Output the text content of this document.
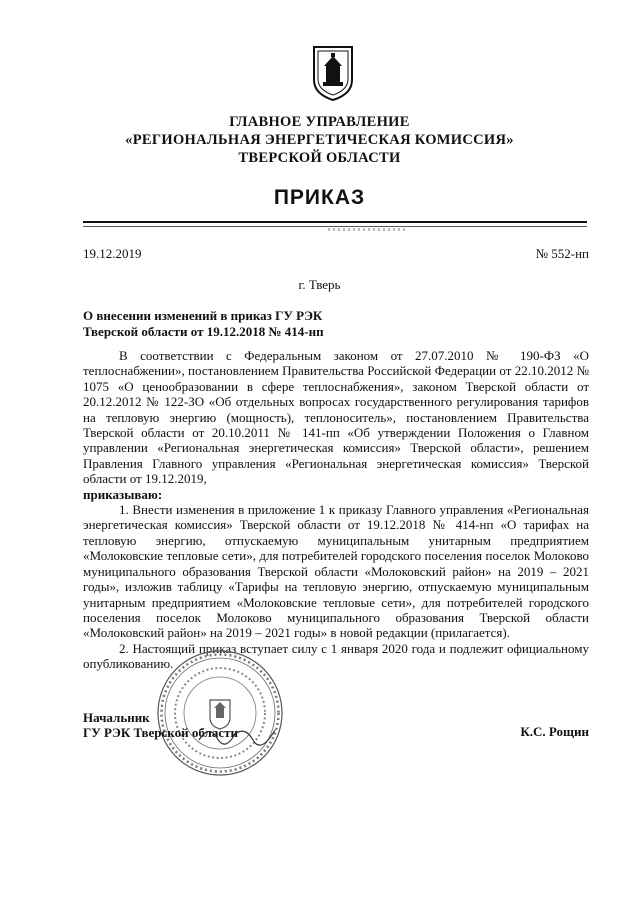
ГЛАВНОЕ УПРАВЛЕНИЕ
«РЕГИОНАЛЬНАЯ ЭНЕРГЕТИЧЕСКАЯ КОМИССИЯ»
ТВЕРСКОЙ ОБЛАСТИ
ПРИКАЗ
19.12.2019	№ 552-нп
г. Тверь
О внесении изменений в приказ ГУ РЭК Тверской области от 19.12.2018 № 414-нп

В соответствии с Федеральным законом от 27.07.2010 № 190-ФЗ «О теплоснабжении», постановлением Правительства Российской Федерации от 22.10.2012 № 1075 «О ценообразовании в сфере теплоснабжения», законом Тверской области от 20.12.2012 № 122-ЗО «Об отдельных вопросах государственного регулирования тарифов на тепловую энергию (мощность), теплоноситель», постановлением Правительства Тверской области от 20.10.2011 № 141-пп «Об утверждении Положения о Главном управлении «Региональная энергетическая комиссия» Тверской области», решением Правления Главного управления «Региональная энергетическая комиссия» Тверской области от 19.12.2019,

приказываю:

1. Внести изменения в приложение 1 к приказу Главного управления «Региональная энергетическая комиссия» Тверской области от 19.12.2018 № 414-нп «О тарифах на тепловую энергию, отпускаемую муниципальным унитарным предприятием «Молоковские тепловые сети», для потребителей городского поселения поселок Молоково муниципального образования Тверской области «Молоковский район» на 2019 – 2021 годы», изложив таблицу «Тарифы на тепловую энергию, отпускаемую муниципальным унитарным предприятием «Молоковские тепловые сети», для потребителей городского поселения поселок Молоково муниципального образования Тверской области «Молоковский район» на 2019 – 2021 годы» в новой редакции (прилагается).

2. Настоящий приказ вступает силу с 1 января 2020 года и подлежит официальному опубликованию.

Начальник
ГУ РЭК Тверской области	К.С. Рощин
